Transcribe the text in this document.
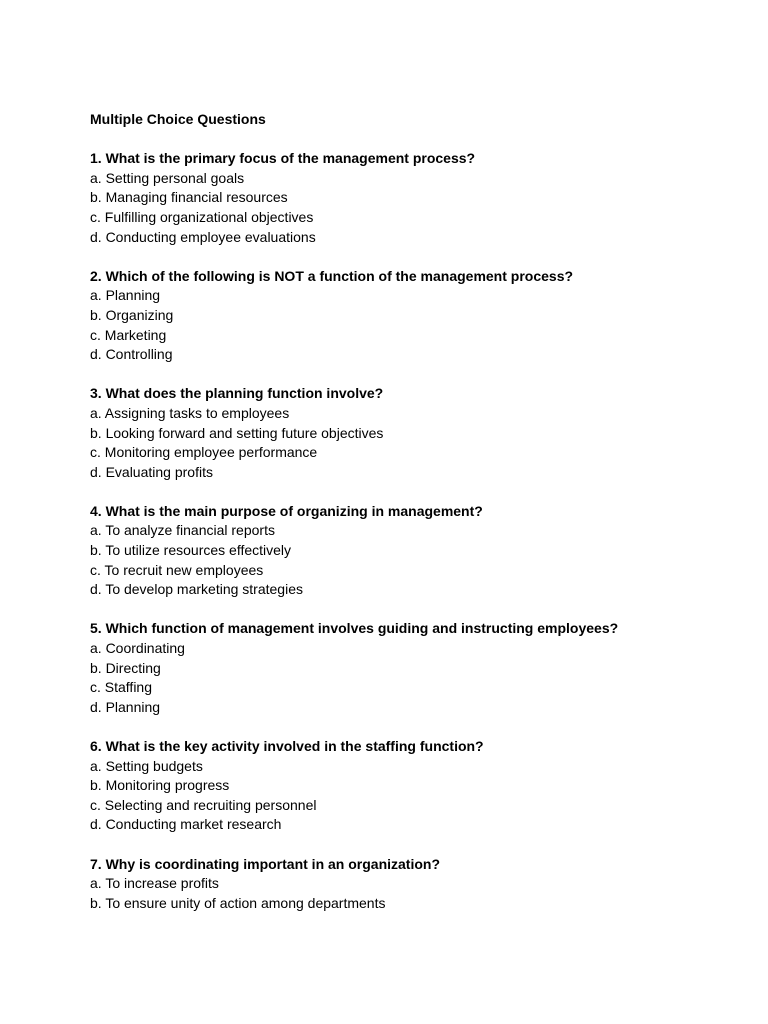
Multiple Choice Questions
1. What is the primary focus of the management process?
a. Setting personal goals
b. Managing financial resources
c. Fulfilling organizational objectives
d. Conducting employee evaluations
2. Which of the following is NOT a function of the management process?
a. Planning
b. Organizing
c. Marketing
d. Controlling
3. What does the planning function involve?
a. Assigning tasks to employees
b. Looking forward and setting future objectives
c. Monitoring employee performance
d. Evaluating profits
4. What is the main purpose of organizing in management?
a. To analyze financial reports
b. To utilize resources effectively
c. To recruit new employees
d. To develop marketing strategies
5. Which function of management involves guiding and instructing employees?
a. Coordinating
b. Directing
c. Staffing
d. Planning
6. What is the key activity involved in the staffing function?
a. Setting budgets
b. Monitoring progress
c. Selecting and recruiting personnel
d. Conducting market research
7. Why is coordinating important in an organization?
a. To increase profits
b. To ensure unity of action among departments
